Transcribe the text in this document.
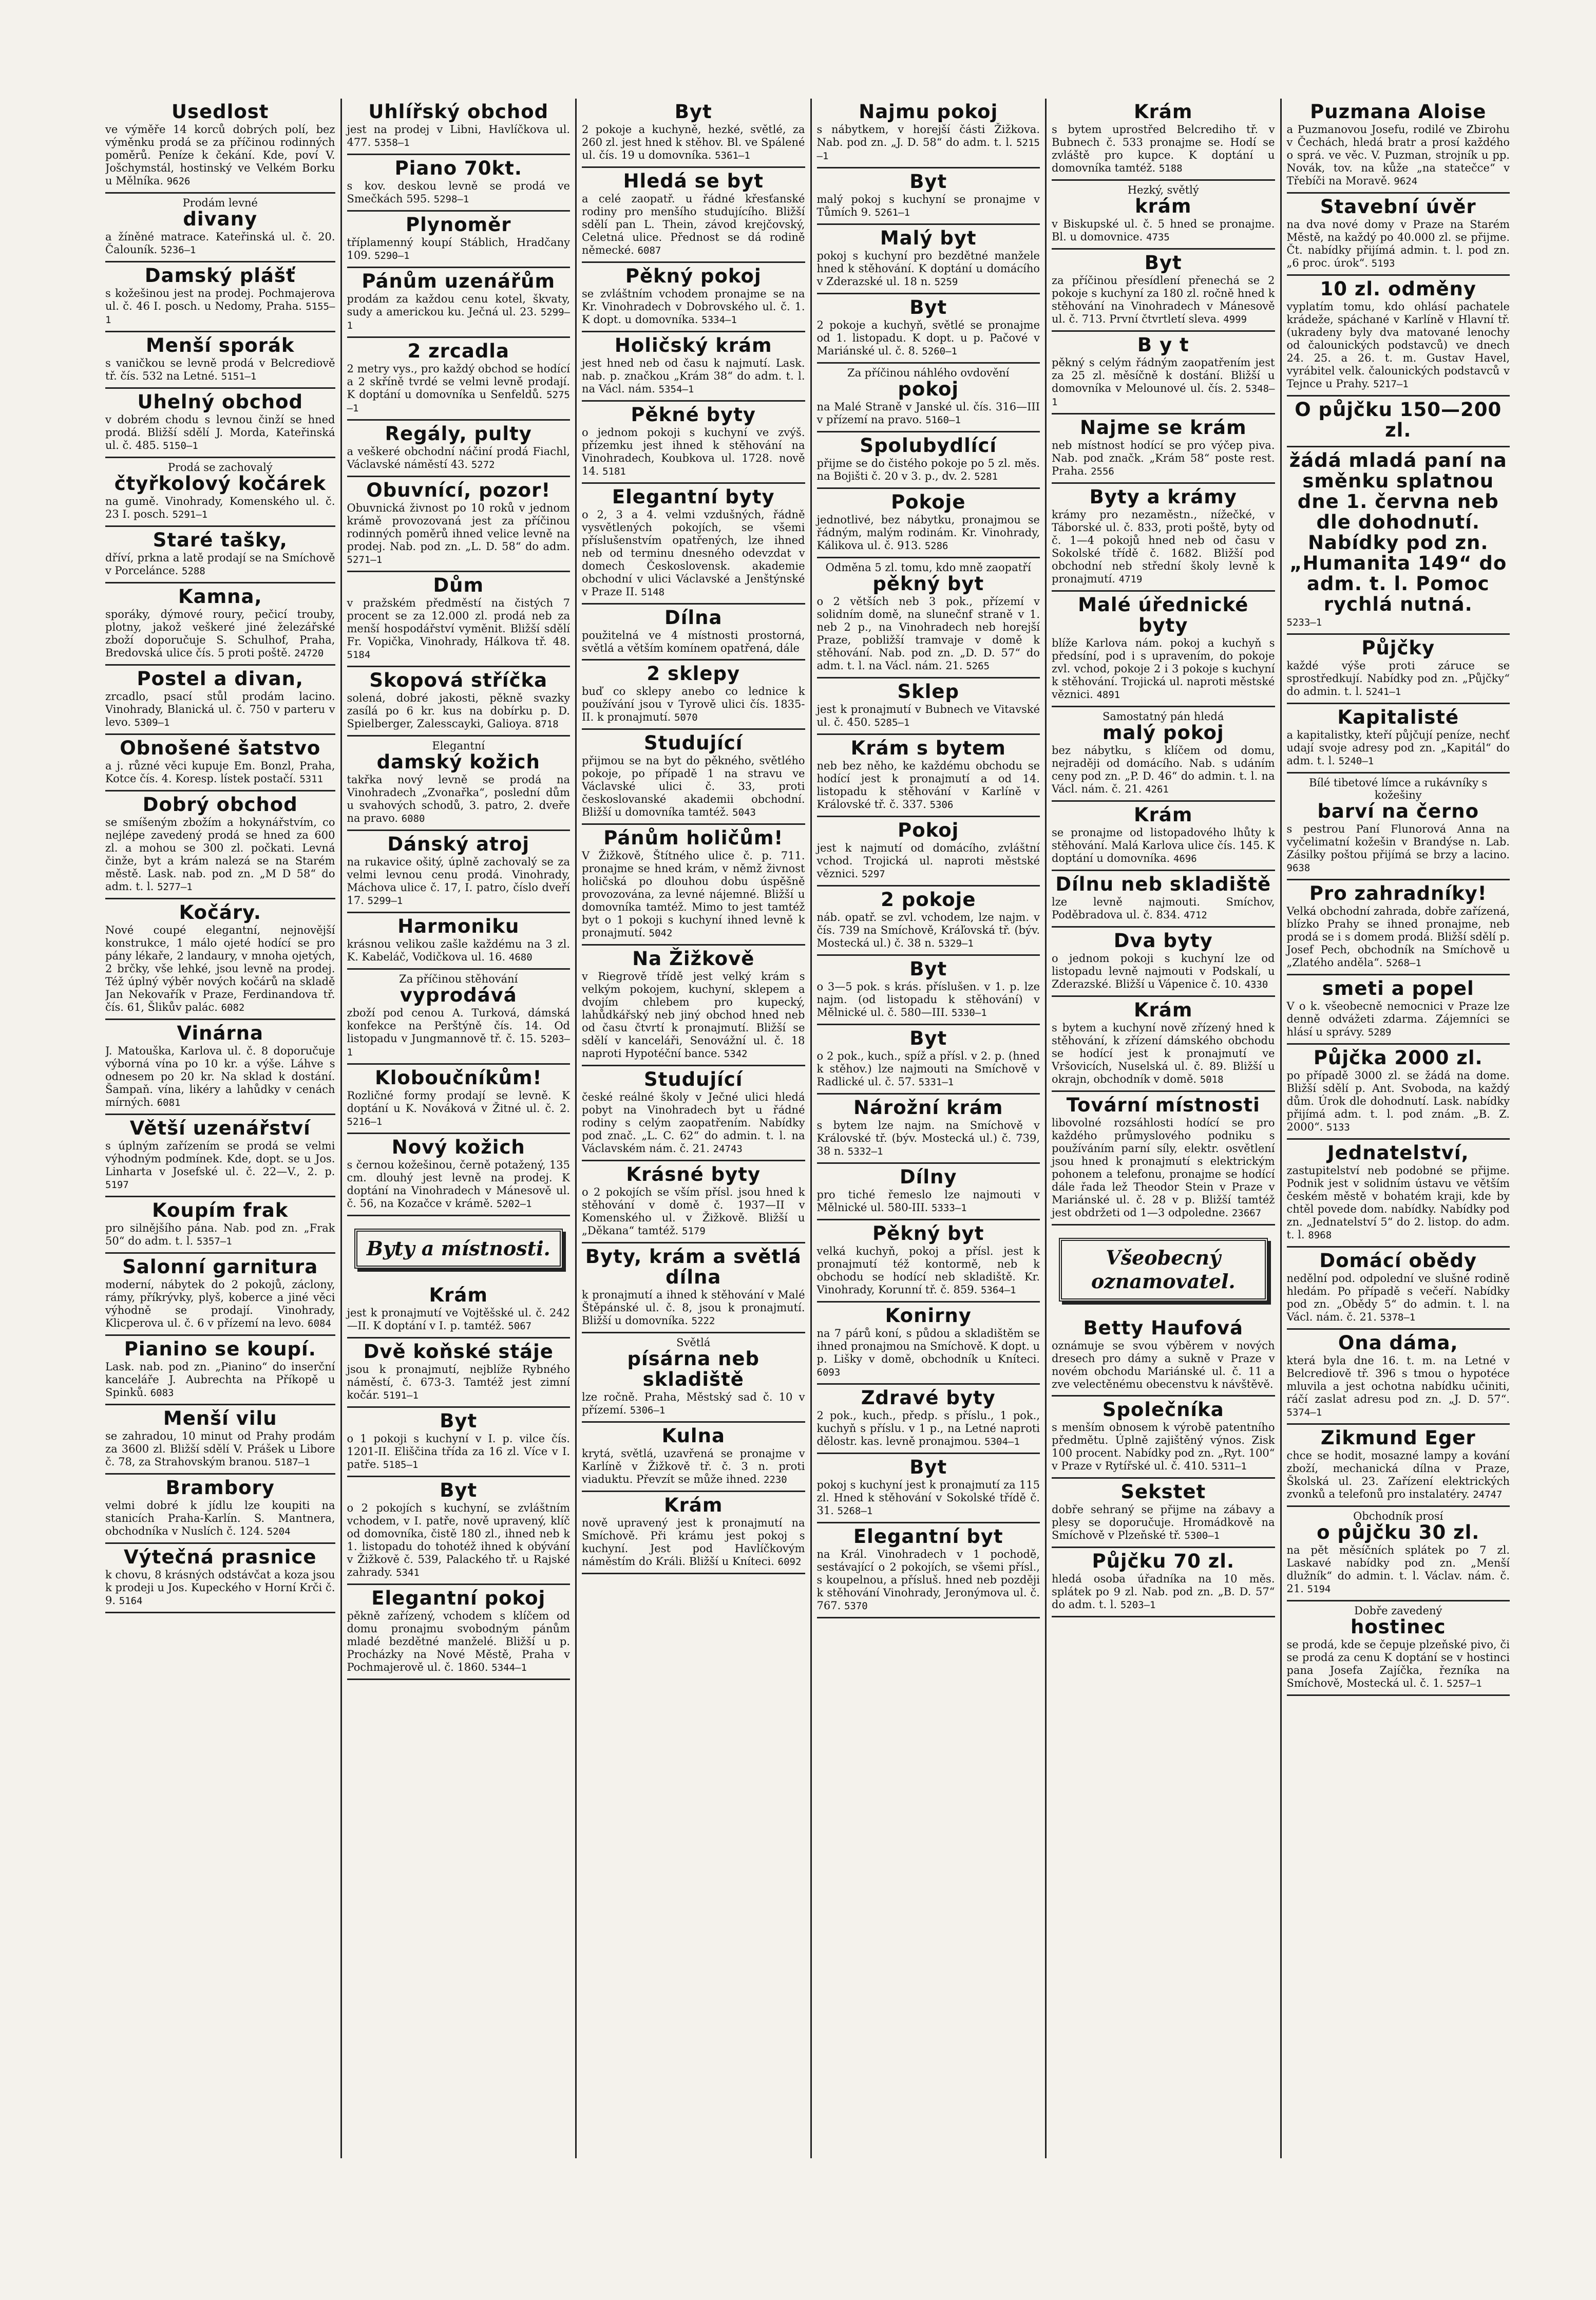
Usedlost
ve výměře 14 korců dobrých polí, bez výměnku prodá se za příčinou rodinných poměrů. Peníze k čekání. Kde, poví V. Jošchymstál, hostinský ve Velkém Borku u Mělníka. 9626
Prodám levné
divany
a žíněné matrace. Kateřinská ul. č. 20. Čalouník. 5236—1
Damský plášť
s kožešinou jest na prodej. Pochmajerova ul. č. 46 I. posch. u Nedomy, Praha. 5155—1
Menší sporák
s vaničkou se levně prodá v Belcrediově tř. čís. 532 na Letné. 5151—1
Uhelný obchod
v dobrém chodu s levnou činží se hned prodá. Bližší sdělí J. Morda, Kateřinská ul. č. 485. 5150—1
Prodá se zachovalý
čtyřkolový kočárek
na gumě. Vinohrady, Komenského ul. č. 23 I. posch. 5291—1
Staré tašky,
dříví, prkna a latě prodají se na Smíchově v Porcelánce. 5288
Kamna,
sporáky, dýmové roury, pečicí trouby, plotny, jakož veškeré jiné železářské zboží doporučuje S. Schulhof, Praha, Bredovská ulice čís. 5 proti poště. 24720
Postel a divan,
zrcadlo, psací stůl prodám lacino. Vinohrady, Blanická ul. č. 750 v parteru v levo. 5309—1
Obnošené šatstvo
a j. různé věci kupuje Em. Bonzl, Praha, Kotce čís. 4. Koresp. lístek postačí. 5311
Dobrý obchod
se smíšeným zbožím a hokynářstvím, co nejlépe zavedený prodá se hned za 600 zl. a mohou se 300 zl. počkati. Levná činže, byt a krám nalezá se na Starém městě. Lask. nab. pod zn. „M D 58“ do adm. t. l. 5277—1
Kočáry.
Nové coupé elegantní, nejnovější konstrukce, 1 málo ojeté hodící se pro pány lékaře, 2 landaury, v mnoha ojetých, 2 brčky, vše lehké, jsou levně na prodej. Též úplný výběr nových kočárů na skladě Jan Nekovařík v Praze, Ferdinandova tř. čís. 61, Šlikův palác. 6082
Vinárna
J. Matouška, Karlova ul. č. 8 doporučuje výborná vína po 10 kr. a výše. Láhve s odnesem po 20 kr. Na sklad k dostání. Šampaň. vína, likéry a lahůdky v cenách mírných. 6081
Větší uzenářství
s úplným zařízením se prodá se velmi výhodným podmínek. Kde, dopt. se u Jos. Linharta v Josefské ul. č. 22—V., 2. p. 5197
Koupím frak
pro silnějšího pána. Nab. pod zn. „Frak 50“ do adm. t. l. 5357—1
Salonní garnitura
moderní, nábytek do 2 pokojů, záclony, rámy, příkrývky, plyš, koberce a jiné věci výhodně se prodají. Vinohrady, Klicperova ul. č. 6 v přízemí na levo. 6084
Pianino se koupí.
Lask. nab. pod zn. „Pianino“ do inserční kanceláře J. Aubrechta na Příkopě u Spinků. 6083
Menší vilu
se zahradou, 10 minut od Prahy prodám za 3600 zl. Bližší sdělí V. Prášek u Libore č. 78, za Strahovským branou. 5187—1
Brambory
velmi dobré k jídlu lze koupiti na stanicích Praha-Karlín. S. Mantnera, obchodníka v Nuslích č. 124. 5204
Výtečná prasnice
k chovu, 8 krásných odstávčat a koza jsou k prodeji u Jos. Kupeckého v Horní Krči č. 9. 5164
Uhlířský obchod
jest na prodej v Libni, Havlíčkova ul. 477. 5358—1
Piano 70kt.
s kov. deskou levně se prodá ve Smečkách 595. 5298—1
Plynoměr
tříplamenný koupí Stáblich, Hradčany 109. 5290—1
Pánům uzenářům
prodám za každou cenu kotel, škvaty, sudy a americkou ku. Ječná ul. 23. 5299—1
2 zrcadla
2 metry vys., pro každý obchod se hodící a 2 skříně tvrdé se velmi levně prodají. K doptání u domovníka u Senfeldů. 5275—1
Regály, pulty
a veškeré obchodní náčiní prodá Fiachl, Václavské náměstí 43. 5272
Obuvnící, pozor!
Obuvnická živnost po 10 roků v jednom krámě provozovaná jest za příčinou rodinných poměrů ihned velice levně na prodej. Nab. pod zn. „L. D. 58“ do adm. 5271—1
Dům
v pražském předměstí na čistých 7 procent se za 12.000 zl. prodá neb za menší hospodářství vyměnit. Bližší sdělí Fr. Vopička, Vinohrady, Hálkova tř. 48. 5184
Skopová stříčka
solená, dobré jakosti, pěkně svazky zasílá po 6 kr. kus na dobírku p. D. Spielberger, Zalesscayki, Galioya. 8718
Elegantní
damský kožich
takřka nový levně se prodá na Vinohradech „Zvonařka“, poslední dům u svahových schodů, 3. patro, 2. dveře na pravo. 6080
Dánský atroj
na rukavice ošitý, úplně zachovalý se za velmi levnou cenu prodá. Vinohrady, Máchova ulice č. 17, I. patro, číslo dveří 17. 5299—1
Harmoniku
krásnou velikou zašle každému na 3 zl. K. Kabeláč, Vodičkova ul. 16. 4680
Za příčinou stěhování
vyprodává
zboží pod cenou A. Turková, dámská konfekce na Perštýně čís. 14. Od listopadu v Jungmannově tř. č. 15. 5203—1
Kloboučníkům!
Rozličné formy prodají se levně. K doptání u K. Nováková v Žitné ul. č. 2. 5216—1
Nový kožich
s černou kožešinou, černě potažený, 135 cm. dlouhý jest levně na prodej. K doptání na Vinohradech v Mánesově ul. č. 56, na Kozačce v krámě. 5202—1
Byty a místnosti.
Krám
jest k pronajmutí ve Vojtěšské ul. č. 242—II. K doptání v I. p. tamtéž. 5067
Dvě koňské stáje
jsou k pronajmutí, nejblíže Rybného náměstí, č. 673-3. Tamtéž jest zimní kočár. 5191—1
Byt
o 1 pokoji s kuchyní v I. p. vilce čís. 1201-II. Eliščina třída za 16 zl. Více v I. patře. 5185—1
Byt
o 2 pokojích s kuchyní, se zvláštním vchodem, v I. patře, nově upravený, klíč od domovníka, čistě 180 zl., ihned neb k 1. listopadu do tohotéž ihned k obývání v Žižkově č. 539, Palackého tř. u Rajské zahrady. 5341
Elegantní pokoj
pěkně zařízený, vchodem s klíčem od domu pronajmu svobodným pánům mladé bezdětné manželé. Bližší u p. Procházky na Nové Městě, Praha v Pochmajerově ul. č. 1860. 5344—1
Byt
2 pokoje a kuchyně, hezké, světlé, za 260 zl. jest hned k stěhov. Bl. ve Spálené ul. čís. 19 u domovníka. 5361—1
Hledá se byt
a celé zaopatř. u řádné křesťanské rodiny pro menšího studujícího. Bližší sdělí pan L. Thein, závod krejčovský, Celetná ulice. Přednost se dá rodině německé. 6087
Pěkný pokoj
se zvláštním vchodem pronajme se na Kr. Vinohradech v Dobrovského ul. č. 1. K dopt. u domovníka. 5334—1
Holičský krám
jest hned neb od času k najmutí. Lask. nab. p. značkou „Krám 38“ do adm. t. l. na Václ. nám. 5354—1
Pěkné byty
o jednom pokoji s kuchyní ve zvýš. přízemku jest ihned k stěhování na Vinohradech, Koubkova ul. 1728. nově 14. 5181
Elegantní byty
o 2, 3 a 4. velmi vzdušných, řádně vysvětlených pokojích, se všemi příslušenstvím opatřených, lze ihned neb od terminu dnesného odevzdat v domech Československ. akademie obchodní v ulici Václavské a Jenštýnské v Praze II. 5148
Dílna
použitelná ve 4 místnosti prostorná, světlá a větším komínem opatřená, dále
2 sklepy
buď co sklepy anebo co lednice k používání jsou v Tyrově ulici čís. 1835-II. k pronajmutí. 5070
Studující
přijmou se na byt do pěkného, světlého pokoje, po případě 1 na stravu ve Václavské ulici č. 33, proti českoslovanské akademii obchodní. Bližší u domovníka tamtéž. 5043
Pánům holičům!
V Žižkově, Štítného ulice č. p. 711. pronajme se hned krám, v němž živnost holičská po dlouhou dobu úspěšně provozována, za levné nájemné. Bližší u domovníka tamtéž. Mimo to jest tamtéž byt o 1 pokoji s kuchyní ihned levně k pronajmutí. 5042
Na Žižkově
v Riegrově třídě jest velký krám s velkým pokojem, kuchyní, sklepem a dvojím chlebem pro kupecký, lahůdkářský neb jiný obchod hned neb od času čtvrtí k pronajmutí. Bližší se sdělí v kanceláři, Senovážní ul. č. 18 naproti Hypotéční bance. 5342
Studující
české reálné školy v Ječné ulici hledá pobyt na Vinohradech byt u řádné rodiny s celým zaopatřením. Nabídky pod znač. „L. C. 62“ do admin. t. l. na Václavském nám. č. 21. 24743
Krásné byty
o 2 pokojích se vším přísl. jsou hned k stěhování v domě č. 1937—II v Komenského ul. v Žižkově. Bližší u „Děkana“ tamtéž. 5179
Byty, krám a světlá dílna
k pronajmutí a ihned k stěhování v Malé Štěpánské ul. č. 8, jsou k pronajmutí. Bližší u domovníka. 5222
Světlá
písárna neb skladiště
lze ročně. Praha, Městský sad č. 10 v přízemí. 5306—1
Kulna
krytá, světlá, uzavřená se pronajme v Karlíně v Žižkově tř. č. 3 n. proti viaduktu. Převzít se může ihned. 2230
Krám
nově upravený jest k pronajmutí na Smíchově. Při krámu jest pokoj s kuchyní. Jest pod Havlíčkovým náměstím do Králi. Bližší u Kníteci. 6092
Najmu pokoj
s nábytkem, v horejší části Žižkova. Nab. pod zn. „J. D. 58“ do adm. t. l. 5215—1
Byt
malý pokoj s kuchyní se pronajme v Tůmích 9. 5261—1
Malý byt
pokoj s kuchyní pro bezdětné manžele hned k stěhování. K doptání u domácího v Zderazské ul. 18 n. 5259
Byt
2 pokoje a kuchyň, světlé se pronajme od 1. listopadu. K dopt. u p. Pačové v Mariánské ul. č. 8. 5260—1
Za příčinou náhlého ovdovění
pokoj
na Malé Straně v Janské ul. čís. 316—III v přízemí na pravo. 5160—1
Spolubydlící
přijme se do čistého pokoje po 5 zl. měs. na Bojišti č. 20 v 3. p., dv. 2. 5281
Pokoje
jednotlivé, bez nábytku, pronajmou se řádným, malým rodinám. Kr. Vinohrady, Kálikova ul. č. 913. 5286
Odměna 5 zl. tomu, kdo mně zaopatří
pěkný byt
o 2 větších neb 3 pok., přízemí v solidním domě, na slunečnf straně v 1. neb 2 p., na Vinohradech neb horejší Praze, pobližší tramvaje v domě k stěhování. Nab. pod zn. „D. D. 57“ do adm. t. l. na Václ. nám. 21. 5265
Sklep
jest k pronajmutí v Bubnech ve Vitavské ul. č. 450. 5285—1
Krám s bytem
neb bez něho, ke každému obchodu se hodící jest k pronajmutí a od 14. listopadu k stěhování v Karlíně v Královské tř. č. 337. 5306
Pokoj
jest k najmutí od domácího, zvláštní vchod. Trojická ul. naproti městské věznici. 5297
2 pokoje
náb. opatř. se zvl. vchodem, lze najm. v čís. 739 na Smíchově, Kráľovská tř. (býv. Mostecká ul.) č. 38 n. 5329—1
Byt
o 3—5 pok. s krás. příslušen. v 1. p. lze najm. (od listopadu k stěhování) v Mělnické ul. č. 580—III. 5330—1
Byt
o 2 pok., kuch., spíž a přísl. v 2. p. (hned k stěhov.) lze najmouti na Smíchově v Radlické ul. č. 57. 5331—1
Nárožní krám
s bytem lze najm. na Smíchově v Královské tř. (býv. Mostecká ul.) č. 739, 38 n. 5332—1
Dílny
pro tiché řemeslo lze najmouti v Mělnické ul. 580-III. 5333—1
Pěkný byt
velká kuchyň, pokoj a přísl. jest k pronajmutí též kontormě, neb k obchodu se hodící neb skladiště. Kr. Vinohrady, Korunní tř. č. 859. 5364—1
Konirny
na 7 párů koní, s půdou a skladištěm se ihned pronajmou na Smíchově. K dopt. u p. Lišky v domě, obchodník u Kníteci. 6093
Zdravé byty
2 pok., kuch., předp. s příslu., 1 pok., kuchyň s příslu. v 1 p., na Letné naproti dělostr. kas. levně pronajmou. 5304—1
Byt
pokoj s kuchyní jest k pronajmutí za 115 zl. Hned k stěhování v Sokolské třídě č. 31. 5268—1
Elegantní byt
na Král. Vinohradech v 1 pochodě, sestávající o 2 pokojích, se všemi přísl., s koupelnou, a přísluš. hned neb později k stěhování Vinohrady, Jeronýmova ul. č. 767. 5370
Krám
s bytem uprostřed Belcrediho tř. v Bubnech č. 533 pronajme se. Hodí se zvláště pro kupce. K doptání u domovníka tamtéž. 5188
Hezký, světlý
krám
v Biskupské ul. č. 5 hned se pronajme. Bl. u domovnice. 4735
Byt
za příčinou přesídlení přenechá se 2 pokoje s kuchyní za 180 zl. ročně hned k stěhování na Vinohradech v Mánesově ul. č. 713. První čtvrtletí sleva. 4999
B y t
pěkný s celým řádným zaopatřením jest za 25 zl. měsíčně k dostání. Bližší u domovníka v Melounové ul. čís. 2. 5348—1
Najme se krám
neb místnost hodící se pro výčep piva. Nab. pod značk. „Krám 58“ poste rest. Praha. 2556
Byty a krámy
krámy pro nezaměstn., nížečké, v Táborské ul. č. 833, proti poště, byty od č. 1—4 pokojů hned neb od času v Sokolské třídě č. 1682. Bližší pod obchodní neb střední školy levně k pronajmutí. 4719
Malé úřednické byty
blíže Karlova nám. pokoj a kuchyň s předsíní, pod i s upravením, do pokoje zvl. vchod, pokoje 2 i 3 pokoje s kuchyní k stěhování. Trojická ul. naproti městské věznici. 4891
Samostatný pán hledá
malý pokoj
bez nábytku, s klíčem od domu, nejraději od domácího. Nab. s udáním ceny pod zn. „P. D. 46“ do admin. t. l. na Václ. nám. č. 21. 4261
Krám
se pronajme od listopadového lhůty k stěhování. Malá Karlova ulice čís. 145. K doptání u domovníka. 4696
Dílnu neb skladiště
lze levně najmouti. Smíchov, Poděbradova ul. č. 834. 4712
Dva byty
o jednom pokoji s kuchyní lze od listopadu levně najmouti v Podskalí, u Zderazské. Bližší u Vápenice č. 10. 4330
Krám
s bytem a kuchyní nově zřízený hned k stěhování, k zřízení dámského obchodu se hodící jest k pronajmutí ve Vršovicích, Nuselská ul. č. 89. Bližší u okrajn, obchodník v domě. 5018
Tovární místnosti
libovolné rozsáhlosti hodící se pro každého průmyslového podniku s používáním parní síly, elektr. osvětlení jsou hned k pronajmutí s elektrickým pohonem a telefonu, pronajme se hodící dále řada lež Theodor Stein v Praze v Mariánské ul. č. 28 v p. Bližší tamtéž jest obdržeti od 1—3 odpoledne. 23667
Všeobecný oznamovatel.
Betty Haufová
oznámuje se svou výběrem v nových dresech pro dámy a sukně v Praze v novém obchodu Mariánské ul. č. 11 a zve velectěnému obecenstvu k návštěvě.
Společníka
s menším obnosem k výrobě patentního předmětu. Úplně zajištěný výnos. Zisk 100 procent. Nabídky pod zn. „Ryt. 100“ v Praze v Rytířské ul. č. 410. 5311—1
Sekstet
dobře sehraný se přijme na zábavy a plesy se doporučuje. Hromádkově na Smíchově v Plzeňské tř. 5300—1
Půjčku 70 zl.
hledá osoba úřadníka na 10 měs. splátek po 9 zl. Nab. pod zn. „B. D. 57“ do adm. t. l. 5203—1
Puzmana Aloise
a Puzmanovou Josefu, rodilé ve Zbirohu v Čechách, hledá bratr a prosí každého o sprá. ve věc. V. Puzman, strojník u pp. Novák, tov. na kůže „na statečce“ v Třebíči na Moravě. 9624
Stavební úvěr
na dva nové domy v Praze na Starém Městě, na každý po 40.000 zl. se přijme. Čt. nabídky přijímá admin. t. l. pod zn. „6 proc. úrok“. 5193
10 zl. odměny
vyplatím tomu, kdo ohlásí pachatele krádeže, spáchané v Karlíně v Hlavní tř. (ukradeny byly dva matované lenochy od čalounických podstavců) ve dnech 24. 25. a 26. t. m. Gustav Havel, vyrábitel velk. čalounických podstavců v Tejnce u Prahy. 5217—1
O půjčku 150—200 zl.
žádá mladá paní na směnku splatnou dne 1. června neb dle dohodnutí. Nabídky pod zn. „Humanita 149“ do adm. t. l. Pomoc rychlá nutná.
5233—1
Půjčky
každé výše proti záruce se sprostředkují. Nabídky pod zn. „Půjčky“ do admin. t. l. 5241—1
Kapitalisté
a kapitalistky, kteří půjčují peníze, nechť udají svoje adresy pod zn. „Kapitál“ do adm. t. l. 5240—1
Bílé tibetové límce a rukávníky s kožešiny
barví na černo
s pestrou Paní Flunorová Anna na vyčelimatní kožešin v Brandýse n. Lab. Zásilky poštou přijímá se brzy a lacino. 9638
Pro zahradníky!
Velká obchodní zahrada, dobře zařízená, blízko Prahy se ihned pronajme, neb prodá se i s domem prodá. Bližší sdělí p. Josef Pech, obchodník na Smíchově u „Zlatého anděla“. 5268—1
smeti a popel
V o k. všeobecně nemocnici v Praze lze denně odvážeti zdarma. Zájemníci se hlásí u správy. 5289
Půjčka 2000 zl.
po případě 3000 zl. se žádá na dome. Bližší sdělí p. Ant. Svoboda, na každý dům. Úrok dle dohodnutí. Lask. nabídky přijímá adm. t. l. pod znám. „B. Z. 2000“. 5133
Jednatelství,
zastupitelství neb podobné se přijme. Podnik jest v solidním ústavu ve větším českém městě v bohatém kraji, kde by chtěl povede dom. nabídky. Nabídky pod zn. „Jednatelství 5“ do 2. listop. do adm. t. l. 8968
Domácí obědy
nedělní pod. odpolední ve slušné rodině hledám. Po případě s večeří. Nabídky pod zn. „Obědy 5“ do admin. t. l. na Václ. nám. č. 21. 5378—1
Ona dáma,
která byla dne 16. t. m. na Letné v Belcrediově tř. 396 s tmou o hypotéce mluvila a jest ochotna nabídku učiniti, ráčí zaslat adresu pod zn. „J. D. 57“. 5374—1
Zikmund Eger
chce se hodit, mosazné lampy a kování zboží, mechanická dílna v Praze, Školská ul. 23. Zařízení elektrických zvonků a telefonů pro instalatéry. 24747
Obchodník prosí
o půjčku 30 zl.
na pět měsíčních splátek po 7 zl. Laskavé nabídky pod zn. „Menší dlužník“ do admin. t. l. Václav. nám. č. 21. 5194
Dobře zavedený
hostinec
se prodá, kde se čepuje plzeňské pivo, či se prodá za cenu K doptání se v hostinci pana Josefa Zajíčka, řezníka na Smíchově, Mostecká ul. č. 1. 5257—1
